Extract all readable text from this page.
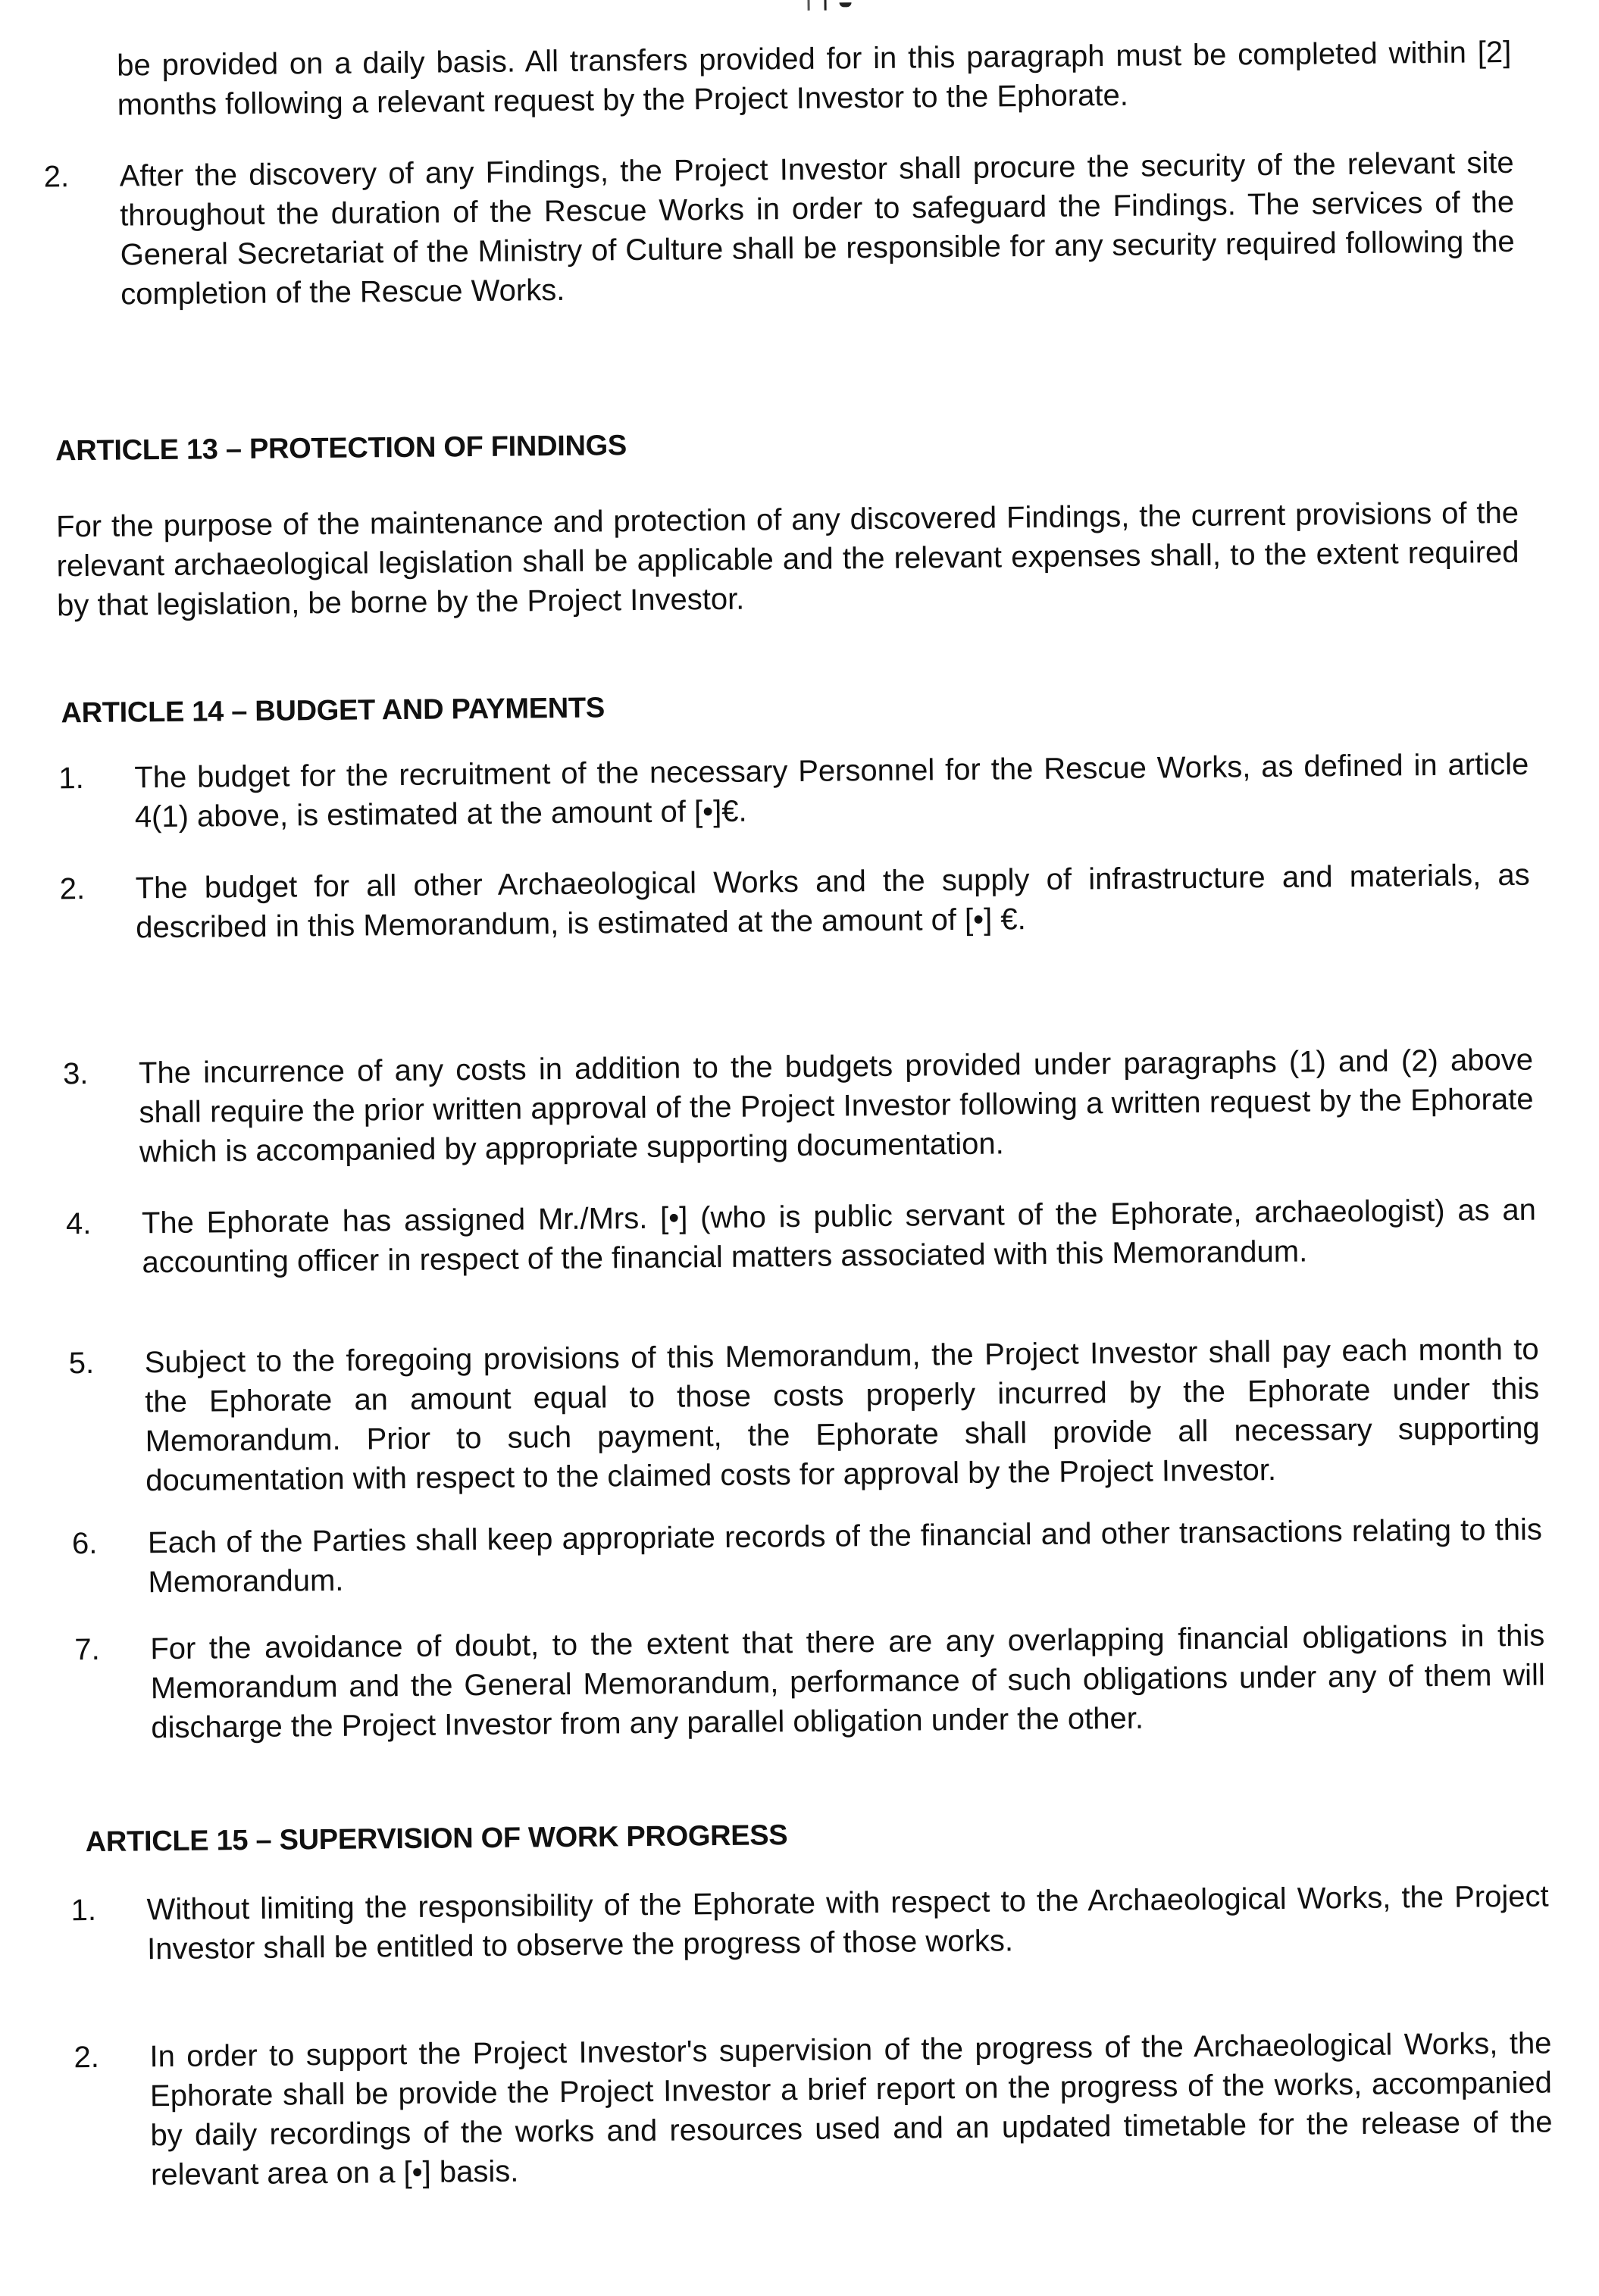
be provided on a daily basis. All transfers provided for in this paragraph must be completed within [2] months following a relevant request by the Project Investor to the Ephorate.
2. After the discovery of any Findings, the Project Investor shall procure the security of the relevant site throughout the duration of the Rescue Works in order to safeguard the Findings. The services of the General Secretariat of the Ministry of Culture shall be responsible for any security required following the completion of the Rescue Works.
ARTICLE 13 – PROTECTION OF FINDINGS
For the purpose of the maintenance and protection of any discovered Findings, the current provisions of the relevant archaeological legislation shall be applicable and the relevant expenses shall, to the extent required by that legislation, be borne by the Project Investor.
ARTICLE 14 – BUDGET AND PAYMENTS
1. The budget for the recruitment of the necessary Personnel for the Rescue Works, as defined in article 4(1) above, is estimated at the amount of [•]€.
2. The budget for all other Archaeological Works and the supply of infrastructure and materials, as described in this Memorandum, is estimated at the amount of [•] €.
3. The incurrence of any costs in addition to the budgets provided under paragraphs (1) and (2) above shall require the prior written approval of the Project Investor following a written request by the Ephorate which is accompanied by appropriate supporting documentation.
4. The Ephorate has assigned Mr./Mrs. [•] (who is public servant of the Ephorate, archaeologist) as an accounting officer in respect of the financial matters associated with this Memorandum.
5. Subject to the foregoing provisions of this Memorandum, the Project Investor shall pay each month to the Ephorate an amount equal to those costs properly incurred by the Ephorate under this Memorandum. Prior to such payment, the Ephorate shall provide all necessary supporting documentation with respect to the claimed costs for approval by the Project Investor.
6. Each of the Parties shall keep appropriate records of the financial and other transactions relating to this Memorandum.
7. For the avoidance of doubt, to the extent that there are any overlapping financial obligations in this Memorandum and the General Memorandum, performance of such obligations under any of them will discharge the Project Investor from any parallel obligation under the other.
ARTICLE 15 – SUPERVISION OF WORK PROGRESS
1. Without limiting the responsibility of the Ephorate with respect to the Archaeological Works, the Project Investor shall be entitled to observe the progress of those works.
2. In order to support the Project Investor's supervision of the progress of the Archaeological Works, the Ephorate shall be provide the Project Investor a brief report on the progress of the works, accompanied by daily recordings of the works and resources used and an updated timetable for the release of the relevant area on a [•] basis.
